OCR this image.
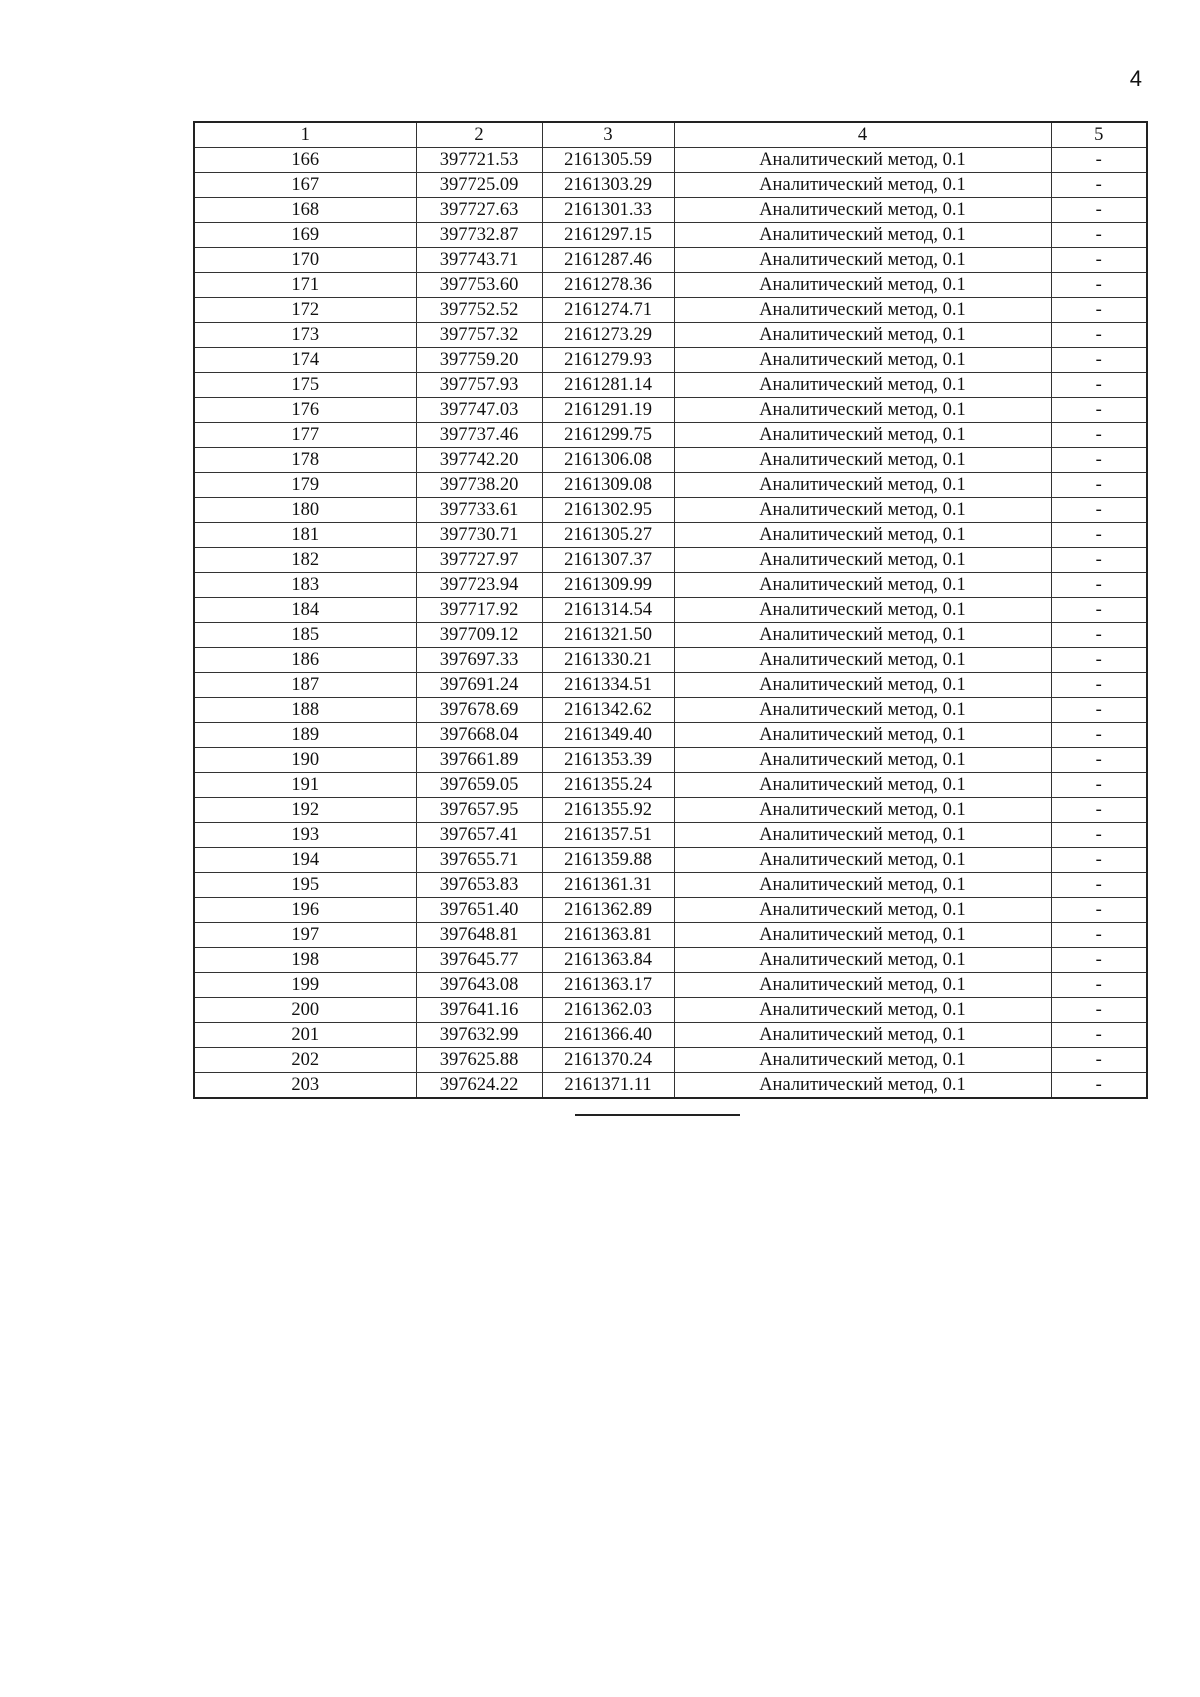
4
1	2	3	4	5
166	397721.53	2161305.59	Аналитический метод, 0.1	-
167	397725.09	2161303.29	Аналитический метод, 0.1	-
168	397727.63	2161301.33	Аналитический метод, 0.1	-
169	397732.87	2161297.15	Аналитический метод, 0.1	-
170	397743.71	2161287.46	Аналитический метод, 0.1	-
171	397753.60	2161278.36	Аналитический метод, 0.1	-
172	397752.52	2161274.71	Аналитический метод, 0.1	-
173	397757.32	2161273.29	Аналитический метод, 0.1	-
174	397759.20	2161279.93	Аналитический метод, 0.1	-
175	397757.93	2161281.14	Аналитический метод, 0.1	-
176	397747.03	2161291.19	Аналитический метод, 0.1	-
177	397737.46	2161299.75	Аналитический метод, 0.1	-
178	397742.20	2161306.08	Аналитический метод, 0.1	-
179	397738.20	2161309.08	Аналитический метод, 0.1	-
180	397733.61	2161302.95	Аналитический метод, 0.1	-
181	397730.71	2161305.27	Аналитический метод, 0.1	-
182	397727.97	2161307.37	Аналитический метод, 0.1	-
183	397723.94	2161309.99	Аналитический метод, 0.1	-
184	397717.92	2161314.54	Аналитический метод, 0.1	-
185	397709.12	2161321.50	Аналитический метод, 0.1	-
186	397697.33	2161330.21	Аналитический метод, 0.1	-
187	397691.24	2161334.51	Аналитический метод, 0.1	-
188	397678.69	2161342.62	Аналитический метод, 0.1	-
189	397668.04	2161349.40	Аналитический метод, 0.1	-
190	397661.89	2161353.39	Аналитический метод, 0.1	-
191	397659.05	2161355.24	Аналитический метод, 0.1	-
192	397657.95	2161355.92	Аналитический метод, 0.1	-
193	397657.41	2161357.51	Аналитический метод, 0.1	-
194	397655.71	2161359.88	Аналитический метод, 0.1	-
195	397653.83	2161361.31	Аналитический метод, 0.1	-
196	397651.40	2161362.89	Аналитический метод, 0.1	-
197	397648.81	2161363.81	Аналитический метод, 0.1	-
198	397645.77	2161363.84	Аналитический метод, 0.1	-
199	397643.08	2161363.17	Аналитический метод, 0.1	-
200	397641.16	2161362.03	Аналитический метод, 0.1	-
201	397632.99	2161366.40	Аналитический метод, 0.1	-
202	397625.88	2161370.24	Аналитический метод, 0.1	-
203	397624.22	2161371.11	Аналитический метод, 0.1	-
